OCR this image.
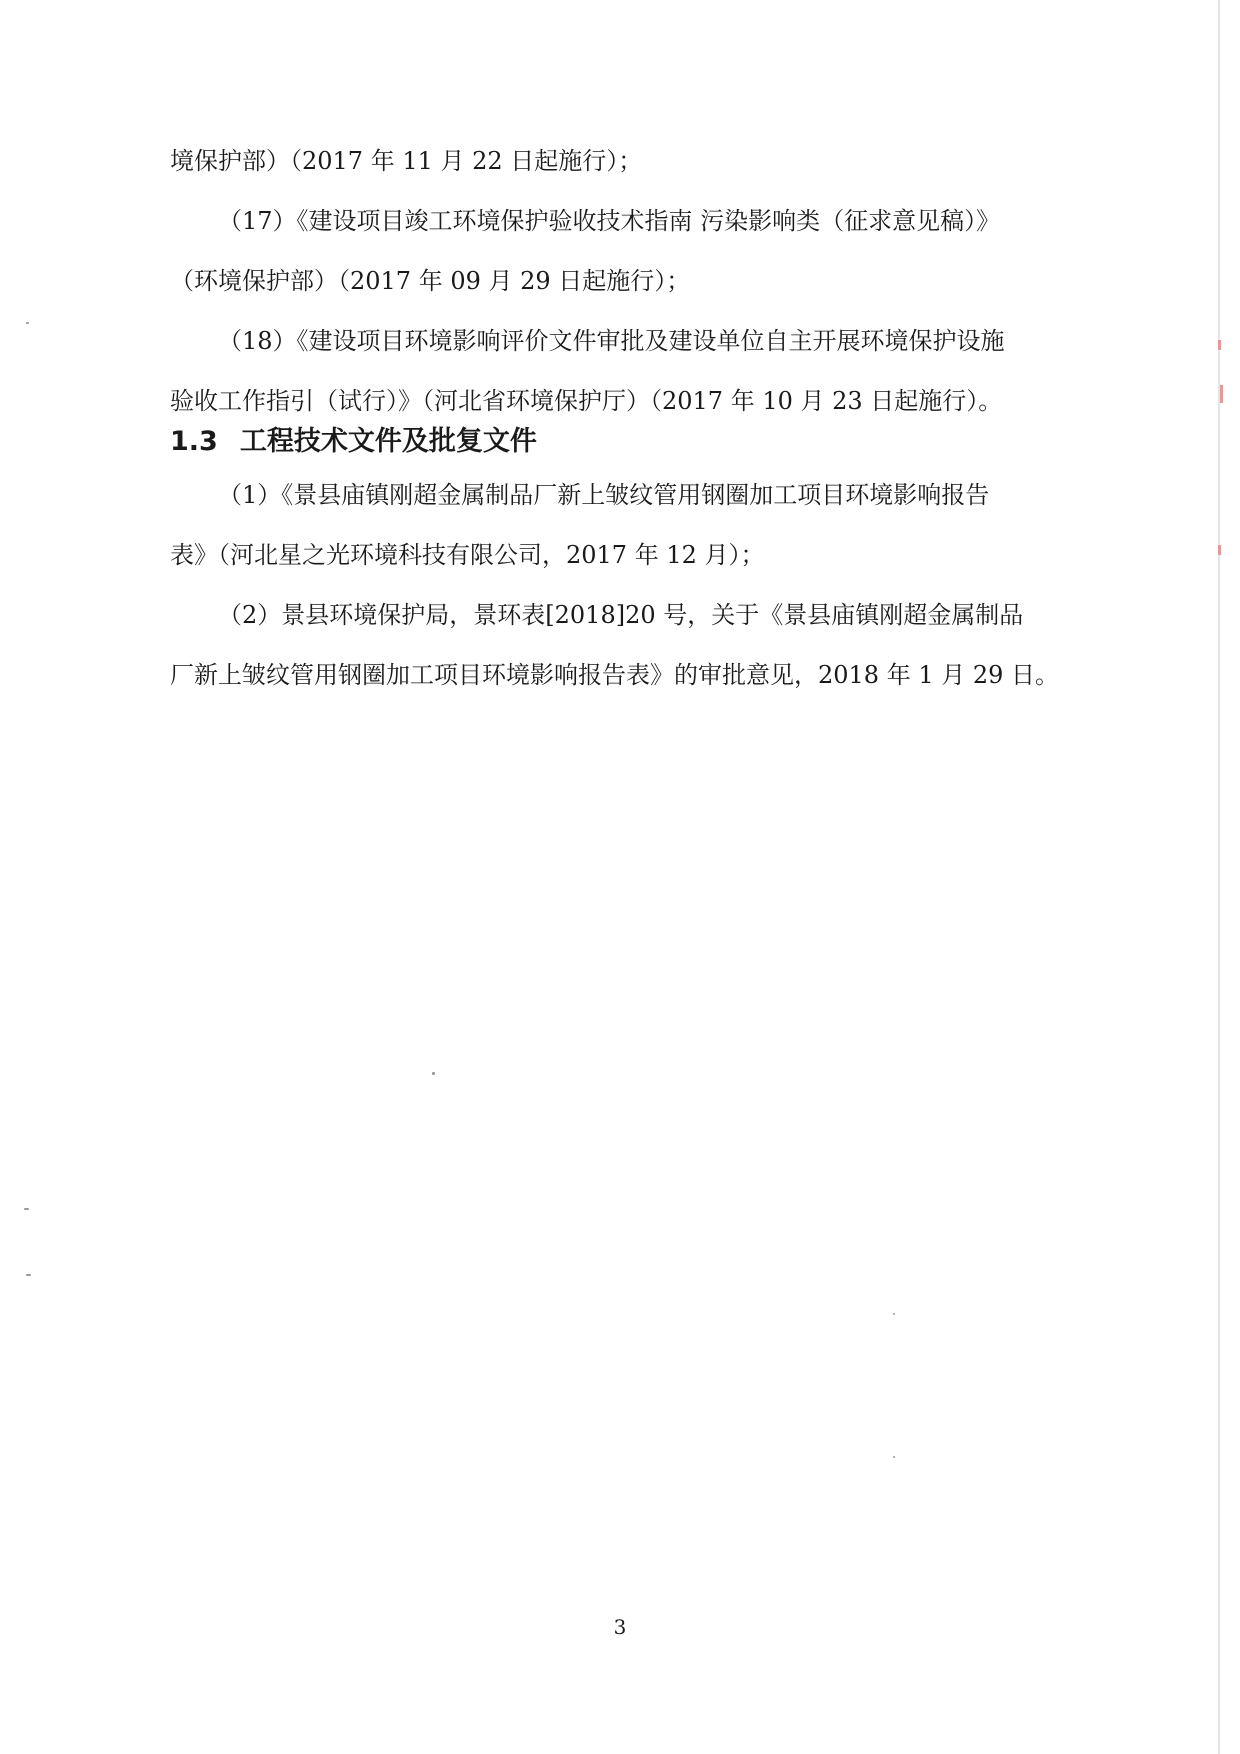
境保护部）（2017 年 11 月 22 日起施行）；
（17）《建设项目竣工环境保护验收技术指南 污染影响类（征求意见稿）》
（环境保护部）（2017 年 09 月 29 日起施行）；
（18）《建设项目环境影响评价文件审批及建设单位自主开展环境保护设施
验收工作指引（试行）》（河北省环境保护厅）（2017 年 10 月 23 日起施行）。
1.3 工程技术文件及批复文件
（1）《景县庙镇刚超金属制品厂新上皱纹管用钢圈加工项目环境影响报告
表》（河北星之光环境科技有限公司，2017 年 12 月）；
（2）景县环境保护局，景环表[2018]20 号，关于《景县庙镇刚超金属制品
厂新上皱纹管用钢圈加工项目环境影响报告表》的审批意见，2018 年 1 月 29 日。
3
